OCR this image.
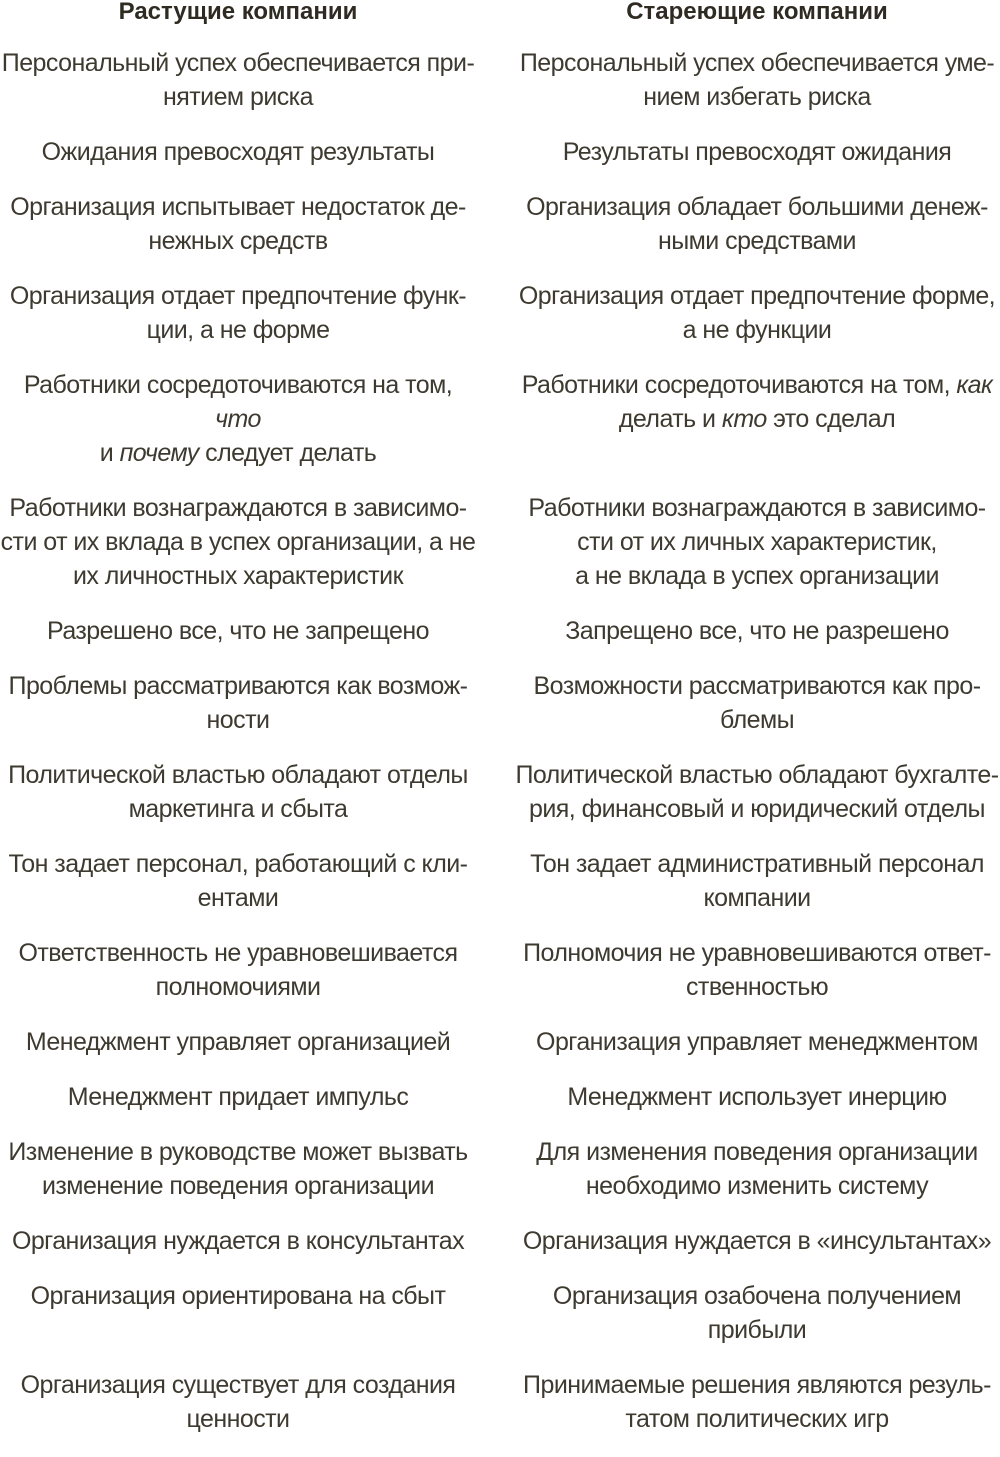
Растущие компании
Персональный успех обеспечивается при-
нятием риска
Ожидания превосходят результаты
Организация испытывает недостаток де-
нежных средств
Организация отдает предпочтение функ-
ции, а не форме
Работники сосредоточиваются на том, что
и почему следует делать
Работники вознаграждаются в зависимо-
сти от их вклада в успех организации, а не
их личностных характеристик
Разрешено все, что не запрещено
Проблемы рассматриваются как возмож-
ности
Политической властью обладают отделы
маркетинга и сбыта
Тон задает персонал, работающий с кли-
ентами
Ответственность не уравновешивается
полномочиями
Менеджмент управляет организацией
Менеджмент придает импульс
Изменение в руководстве может вызвать
изменение поведения организации
Организация нуждается в консультантах
Организация ориентирована на сбыт
Организация существует для создания
ценности
Стареющие компании
Персональный успех обеспечивается уме-
нием избегать риска
Результаты превосходят ожидания
Организация обладает большими денеж-
ными средствами
Организация отдает предпочтение форме,
а не функции
Работники сосредоточиваются на том, как
делать и кто это сделал
Работники вознаграждаются в зависимо-
сти от их личных характеристик,
а не вклада в успех организации
Запрещено все, что не разрешено
Возможности рассматриваются как про-
блемы
Политической властью обладают бухгалте-
рия, финансовый и юридический отделы
Тон задает административный персонал
компании
Полномочия не уравновешиваются ответ-
ственностью
Организация управляет менеджментом
Менеджмент использует инерцию
Для изменения поведения организации
необходимо изменить систему
Организация нуждается в «инсультантах»
Организация озабочена получением прибыли
Принимаемые решения являются резуль-
татом политических игр
